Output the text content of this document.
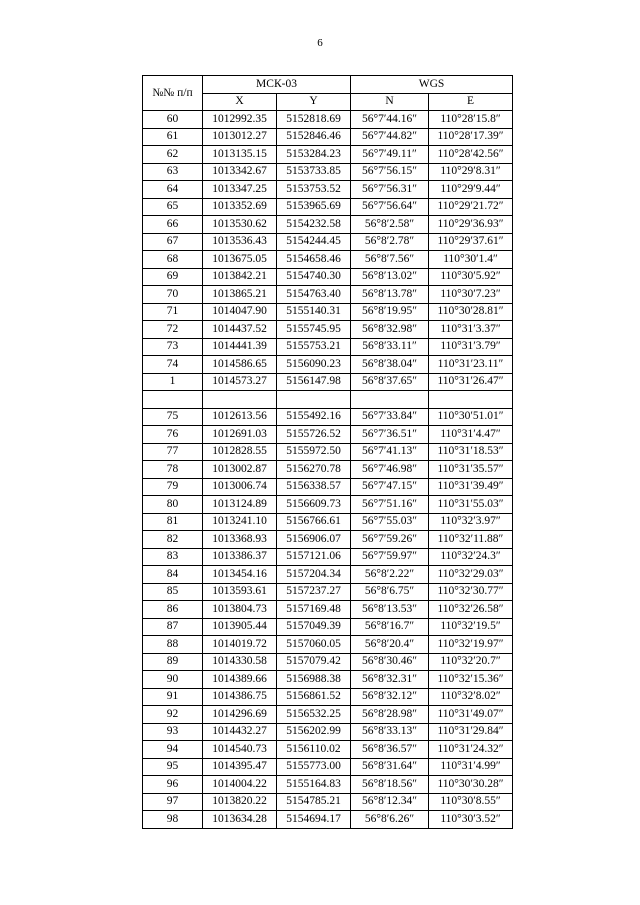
6
№№ п/п	МСК-03		WGS	
	X	Y	N	E
60	1012992.35	5152818.69	56°7′44.16″	110°28′15.8″
61	1013012.27	5152846.46	56°7′44.82″	110°28′17.39″
62	1013135.15	5153284.23	56°7′49.11″	110°28′42.56″
63	1013342.67	5153733.85	56°7′56.15″	110°29′8.31″
64	1013347.25	5153753.52	56°7′56.31″	110°29′9.44″
65	1013352.69	5153965.69	56°7′56.64″	110°29′21.72″
66	1013530.62	5154232.58	56°8′2.58″	110°29′36.93″
67	1013536.43	5154244.45	56°8′2.78″	110°29′37.61″
68	1013675.05	5154658.46	56°8′7.56″	110°30′1.4″
69	1013842.21	5154740.30	56°8′13.02″	110°30′5.92″
70	1013865.21	5154763.40	56°8′13.78″	110°30′7.23″
71	1014047.90	5155140.31	56°8′19.95″	110°30′28.81″
72	1014437.52	5155745.95	56°8′32.98″	110°31′3.37″
73	1014441.39	5155753.21	56°8′33.11″	110°31′3.79″
74	1014586.65	5156090.23	56°8′38.04″	110°31′23.11″
1	1014573.27	5156147.98	56°8′37.65″	110°31′26.47″

75	1012613.56	5155492.16	56°7′33.84″	110°30′51.01″
76	1012691.03	5155726.52	56°7′36.51″	110°31′4.47″
77	1012828.55	5155972.50	56°7′41.13″	110°31′18.53″
78	1013002.87	5156270.78	56°7′46.98″	110°31′35.57″
79	1013006.74	5156338.57	56°7′47.15″	110°31′39.49″
80	1013124.89	5156609.73	56°7′51.16″	110°31′55.03″
81	1013241.10	5156766.61	56°7′55.03″	110°32′3.97″
82	1013368.93	5156906.07	56°7′59.26″	110°32′11.88″
83	1013386.37	5157121.06	56°7′59.97″	110°32′24.3″
84	1013454.16	5157204.34	56°8′2.22″	110°32′29.03″
85	1013593.61	5157237.27	56°8′6.75″	110°32′30.77″
86	1013804.73	5157169.48	56°8′13.53″	110°32′26.58″
87	1013905.44	5157049.39	56°8′16.7″	110°32′19.5″
88	1014019.72	5157060.05	56°8′20.4″	110°32′19.97″
89	1014330.58	5157079.42	56°8′30.46″	110°32′20.7″
90	1014389.66	5156988.38	56°8′32.31″	110°32′15.36″
91	1014386.75	5156861.52	56°8′32.12″	110°32′8.02″
92	1014296.69	5156532.25	56°8′28.98″	110°31′49.07″
93	1014432.27	5156202.99	56°8′33.13″	110°31′29.84″
94	1014540.73	5156110.02	56°8′36.57″	110°31′24.32″
95	1014395.47	5155773.00	56°8′31.64″	110°31′4.99″
96	1014004.22	5155164.83	56°8′18.56″	110°30′30.28″
97	1013820.22	5154785.21	56°8′12.34″	110°30′8.55″
98	1013634.28	5154694.17	56°8′6.26″	110°30′3.52″
